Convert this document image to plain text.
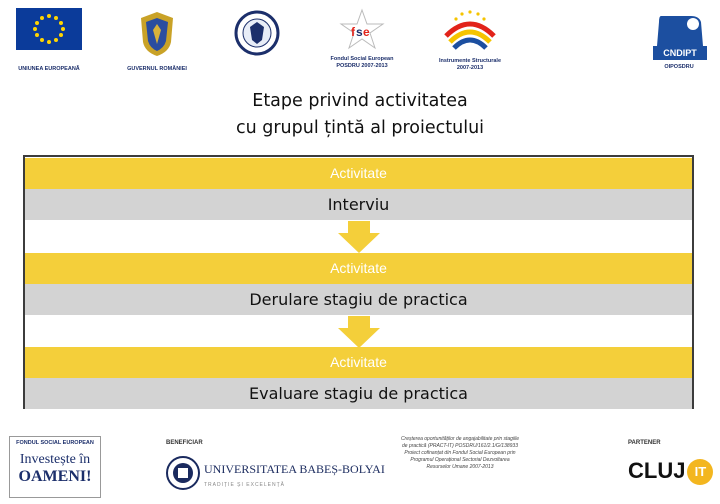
UNIUNEA EUROPEANĂ	GUVERNUL ROMÂNIEI
f s e
Fondul Social European POSDRU 2007-2013
Instrumente Structurale 2007-2013
CNDIPT
OIPOSDRU
Etape privind activitatea
cu grupul țintă al proiectului
Activitate
Interviu
Activitate
Derulare stagiu de practica
Activitate
Evaluare stagiu de practica
FONDUL SOCIAL EUROPEAN
Investește în
OAMENI!
BENEFICIAR
UNIVERSITATEA BABEȘ-BOLYAI
TRADIȚIE ȘI EXCELENȚĂ
Creșterea oportunităților de angajabilitate prin stagiile de practică (PRACT-IT) POSDRU/161/2.1/G/138933 Proiect cofinanțat din Fondul Social European prin Programul Operațional Sectorial Dezvoltarea Resurselor Umane 2007-2013
PARTENER
CLUJ IT
